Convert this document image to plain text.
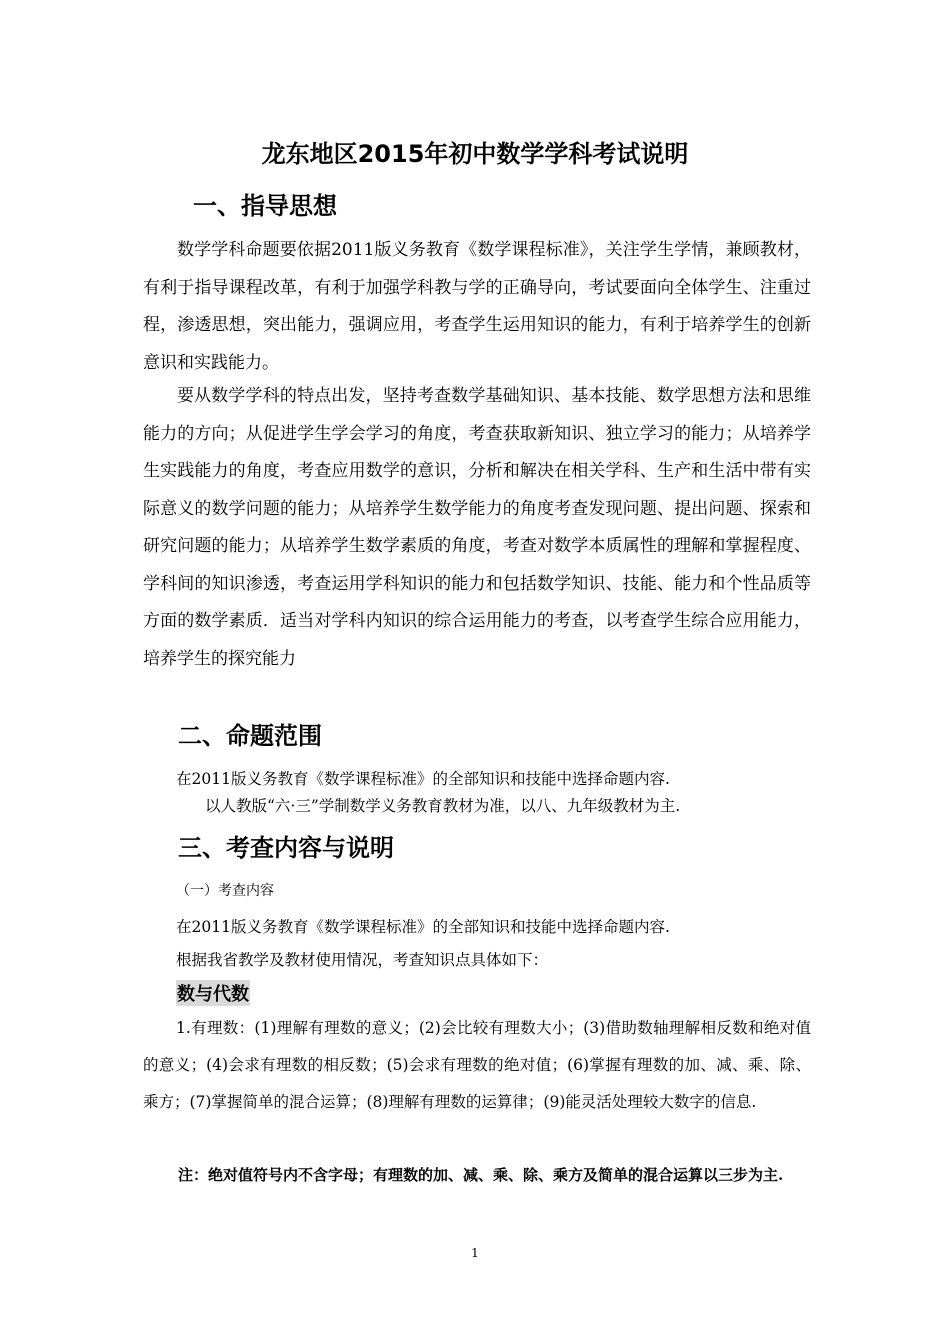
龙东地区2015年初中数学学科考试说明
一、指导思想

数学学科命题要依据2011版义务教育《数学课程标准》，关注学生学情，兼顾教材，有利于指导课程改革，有利于加强学科教与学的正确导向，考试要面向全体学生、注重过程，渗透思想，突出能力，强调应用，考查学生运用知识的能力，有利于培养学生的创新意识和实践能力。

要从数学学科的特点出发，坚持考查数学基础知识、基本技能、数学思想方法和思维能力的方向；从促进学生学会学习的角度，考查获取新知识、独立学习的能力；从培养学生实践能力的角度，考查应用数学的意识，分析和解决在相关学科、生产和生活中带有实际意义的数学问题的能力；从培养学生数学能力的角度考查发现问题、提出问题、探索和研究问题的能力；从培养学生数学素质的角度，考查对数学本质属性的理解和掌握程度、学科间的知识渗透，考查运用学科知识的能力和包括数学知识、技能、能力和个性品质等方面的数学素质．适当对学科内知识的综合运用能力的考查，以考查学生综合应用能力，培养学生的探究能力

二、命题范围
在2011版义务教育《数学课程标准》的全部知识和技能中选择命题内容.
以人教版“六·三”学制数学义务教育教材为准，以八、九年级教材为主.
三、考查内容与说明
（一）考查内容
在2011版义务教育《数学课程标准》的全部知识和技能中选择命题内容.
根据我省教学及教材使用情况，考查知识点具体如下：
数与代数

1.有理数：(1)理解有理数的意义；(2)会比较有理数大小；(3)借助数轴理解相反数和绝对值的意义；(4)会求有理数的相反数；(5)会求有理数的绝对值；(6)掌握有理数的加、减、乘、除、乘方；(7)掌握简单的混合运算；(8)理解有理数的运算律；(9)能灵活处理较大数字的信息.

注：绝对值符号内不含字母；有理数的加、减、乘、除、乘方及简单的混合运算以三步为主.
1
